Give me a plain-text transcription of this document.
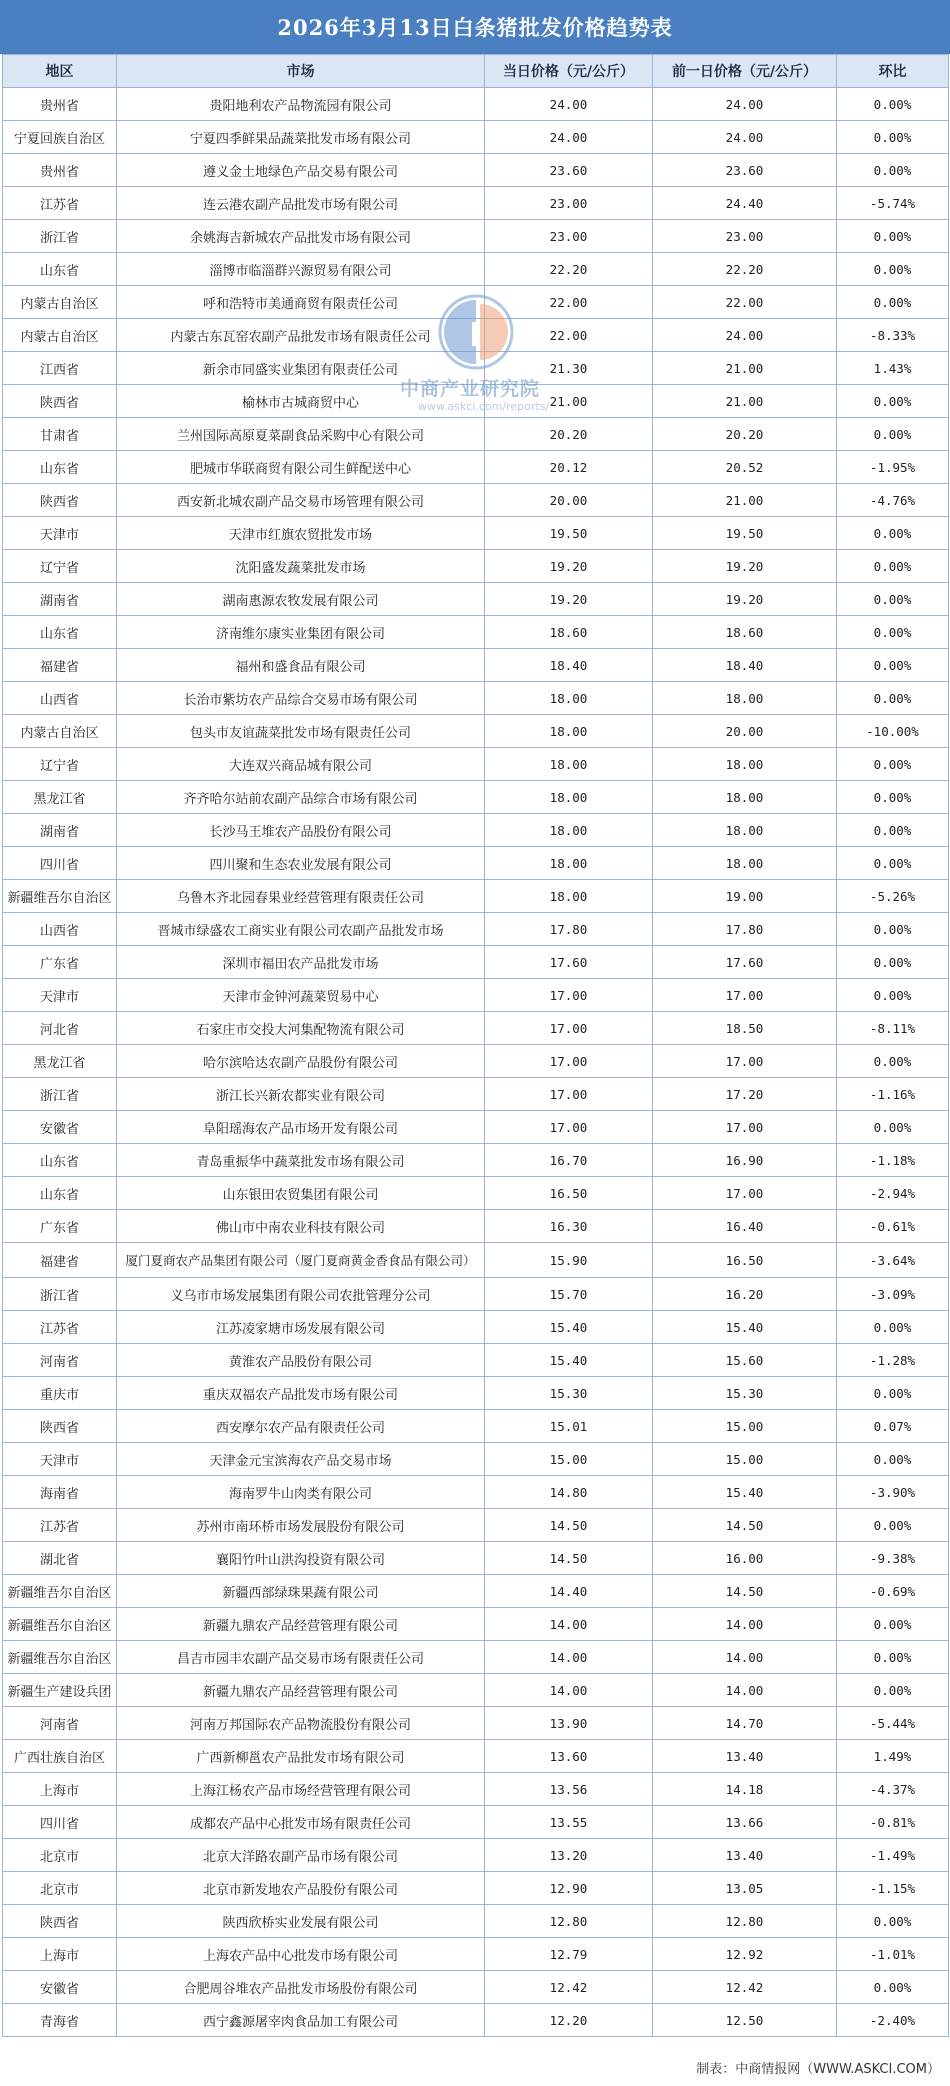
2026年3月13日白条猪批发价格趋势表
地区	市场	当日价格（元/公斤）	前一日价格（元/公斤）	环比
贵州省	贵阳地利农产品物流园有限公司	24.00	24.00	0.00%
宁夏回族自治区	宁夏四季鲜果品蔬菜批发市场有限公司	24.00	24.00	0.00%
贵州省	遵义金土地绿色产品交易有限公司	23.60	23.60	0.00%
江苏省	连云港农副产品批发市场有限公司	23.00	24.40	-5.74%
浙江省	余姚海吉新城农产品批发市场有限公司	23.00	23.00	0.00%
山东省	淄博市临淄群兴源贸易有限公司	22.20	22.20	0.00%
内蒙古自治区	呼和浩特市美通商贸有限责任公司	22.00	22.00	0.00%
内蒙古自治区	内蒙古东瓦窑农副产品批发市场有限责任公司	22.00	24.00	-8.33%
江西省	新余市同盛实业集团有限责任公司	21.30	21.00	1.43%
陕西省	榆林市古城商贸中心	21.00	21.00	0.00%
甘肃省	兰州国际高原夏菜副食品采购中心有限公司	20.20	20.20	0.00%
山东省	肥城市华联商贸有限公司生鲜配送中心	20.12	20.52	-1.95%
陕西省	西安新北城农副产品交易市场管理有限公司	20.00	21.00	-4.76%
天津市	天津市红旗农贸批发市场	19.50	19.50	0.00%
辽宁省	沈阳盛发蔬菜批发市场	19.20	19.20	0.00%
湖南省	湖南惠源农牧发展有限公司	19.20	19.20	0.00%
山东省	济南维尔康实业集团有限公司	18.60	18.60	0.00%
福建省	福州和盛食品有限公司	18.40	18.40	0.00%
山西省	长治市紫坊农产品综合交易市场有限公司	18.00	18.00	0.00%
内蒙古自治区	包头市友谊蔬菜批发市场有限责任公司	18.00	20.00	-10.00%
辽宁省	大连双兴商品城有限公司	18.00	18.00	0.00%
黑龙江省	齐齐哈尔站前农副产品综合市场有限公司	18.00	18.00	0.00%
湖南省	长沙马王堆农产品股份有限公司	18.00	18.00	0.00%
四川省	四川聚和生态农业发展有限公司	18.00	18.00	0.00%
新疆维吾尔自治区	乌鲁木齐北园春果业经营管理有限责任公司	18.00	19.00	-5.26%
山西省	晋城市绿盛农工商实业有限公司农副产品批发市场	17.80	17.80	0.00%
广东省	深圳市福田农产品批发市场	17.60	17.60	0.00%
天津市	天津市金钟河蔬菜贸易中心	17.00	17.00	0.00%
河北省	石家庄市交投大河集配物流有限公司	17.00	18.50	-8.11%
黑龙江省	哈尔滨哈达农副产品股份有限公司	17.00	17.00	0.00%
浙江省	浙江长兴新农都实业有限公司	17.00	17.20	-1.16%
安徽省	阜阳瑶海农产品市场开发有限公司	17.00	17.00	0.00%
山东省	青岛重振华中蔬菜批发市场有限公司	16.70	16.90	-1.18%
山东省	山东银田农贸集团有限公司	16.50	17.00	-2.94%
广东省	佛山市中南农业科技有限公司	16.30	16.40	-0.61%
福建省	厦门夏商农产品集团有限公司（厦门夏商黄金香食品有限公司）	15.90	16.50	-3.64%
浙江省	义乌市市场发展集团有限公司农批管理分公司	15.70	16.20	-3.09%
江苏省	江苏凌家塘市场发展有限公司	15.40	15.40	0.00%
河南省	黄淮农产品股份有限公司	15.40	15.60	-1.28%
重庆市	重庆双福农产品批发市场有限公司	15.30	15.30	0.00%
陕西省	西安摩尔农产品有限责任公司	15.01	15.00	0.07%
天津市	天津金元宝滨海农产品交易市场	15.00	15.00	0.00%
海南省	海南罗牛山肉类有限公司	14.80	15.40	-3.90%
江苏省	苏州市南环桥市场发展股份有限公司	14.50	14.50	0.00%
湖北省	襄阳竹叶山洪沟投资有限公司	14.50	16.00	-9.38%
新疆维吾尔自治区	新疆西部绿珠果蔬有限公司	14.40	14.50	-0.69%
新疆维吾尔自治区	新疆九鼎农产品经营管理有限公司	14.00	14.00	0.00%
新疆维吾尔自治区	昌吉市园丰农副产品交易市场有限责任公司	14.00	14.00	0.00%
新疆生产建设兵团	新疆九鼎农产品经营管理有限公司	14.00	14.00	0.00%
河南省	河南万邦国际农产品物流股份有限公司	13.90	14.70	-5.44%
广西壮族自治区	广西新柳邕农产品批发市场有限公司	13.60	13.40	1.49%
上海市	上海江杨农产品市场经营管理有限公司	13.56	14.18	-4.37%
四川省	成都农产品中心批发市场有限责任公司	13.55	13.66	-0.81%
北京市	北京大洋路农副产品市场有限公司	13.20	13.40	-1.49%
北京市	北京市新发地农产品股份有限公司	12.90	13.05	-1.15%
陕西省	陕西欣桥实业发展有限公司	12.80	12.80	0.00%
上海市	上海农产品中心批发市场有限公司	12.79	12.92	-1.01%
安徽省	合肥周谷堆农产品批发市场股份有限公司	12.42	12.42	0.00%
青海省	西宁鑫源屠宰肉食品加工有限公司	12.20	12.50	-2.40%
中商产业研究院
www.askci.com/reports/
制表：中商情报网（WWW.ASKCI.COM）
